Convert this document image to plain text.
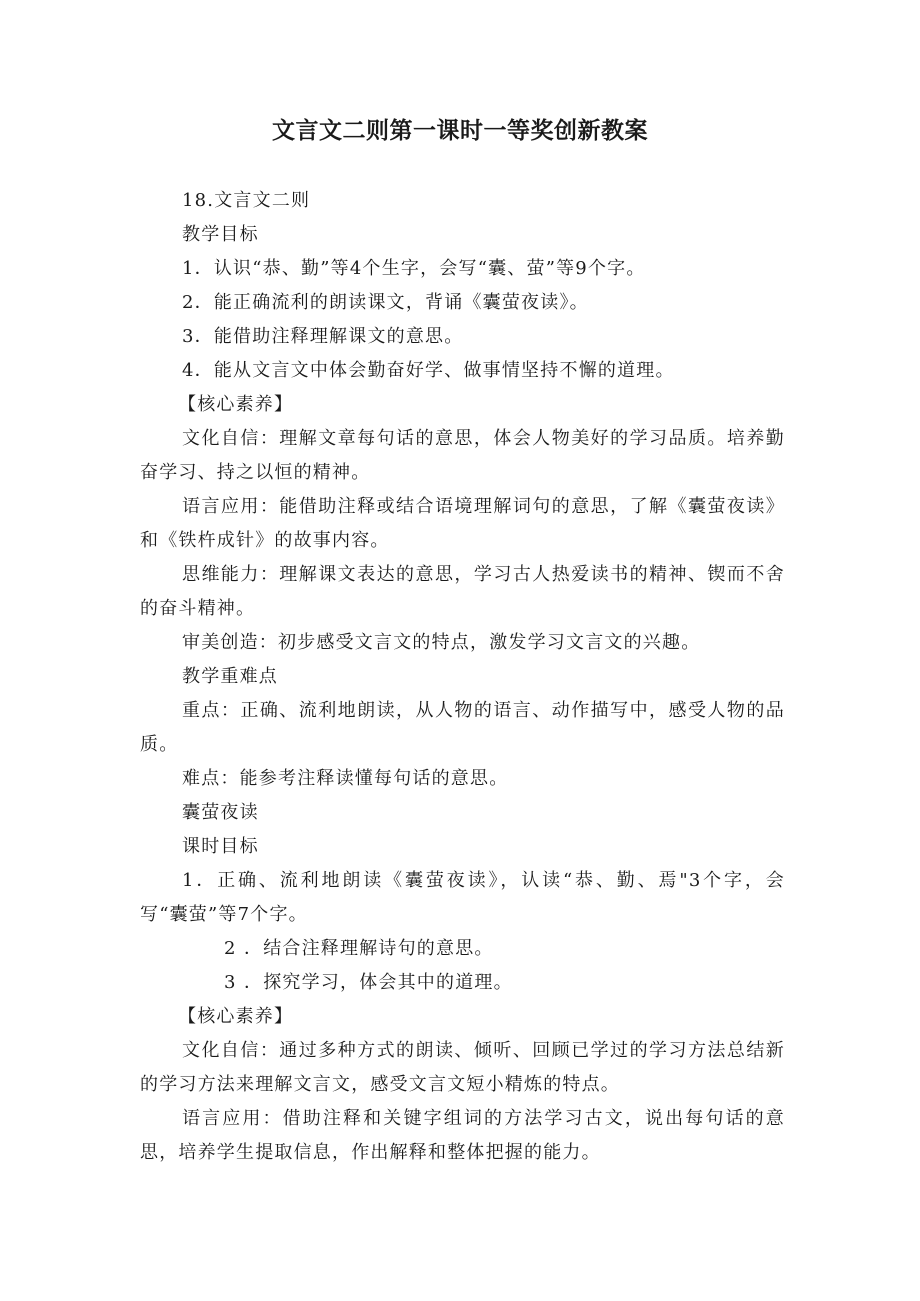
文言文二则第一课时一等奖创新教案

18.文言文二则

教学目标

1．认识“恭、勤”等4个生字，会写“囊、萤”等9个字。

2．能正确流利的朗读课文，背诵《囊萤夜读》。

3．能借助注释理解课文的意思。

4．能从文言文中体会勤奋好学、做事情坚持不懈的道理。

【核心素养】

文化自信：理解文章每句话的意思，体会人物美好的学习品质。培养勤奋学习、持之以恒的精神。

语言应用：能借助注释或结合语境理解词句的意思，了解《囊萤夜读》和《铁杵成针》的故事内容。

思维能力：理解课文表达的意思，学习古人热爱读书的精神、锲而不舍的奋斗精神。

审美创造：初步感受文言文的特点，激发学习文言文的兴趣。

教学重难点

重点：正确、流利地朗读，从人物的语言、动作描写中，感受人物的品质。

难点：能参考注释读懂每句话的意思。

囊萤夜读

课时目标

1．正确、流利地朗读《囊萤夜读》，认读“恭、勤、焉"3个字，会写“囊萤”等7个字。

2 ．结合注释理解诗句的意思。

3 ．探究学习，体会其中的道理。

【核心素养】

文化自信：通过多种方式的朗读、倾听、回顾已学过的学习方法总结新的学习方法来理解文言文，感受文言文短小精炼的特点。

语言应用：借助注释和关键字组词的方法学习古文，说出每句话的意思，培养学生提取信息，作出解释和整体把握的能力。
